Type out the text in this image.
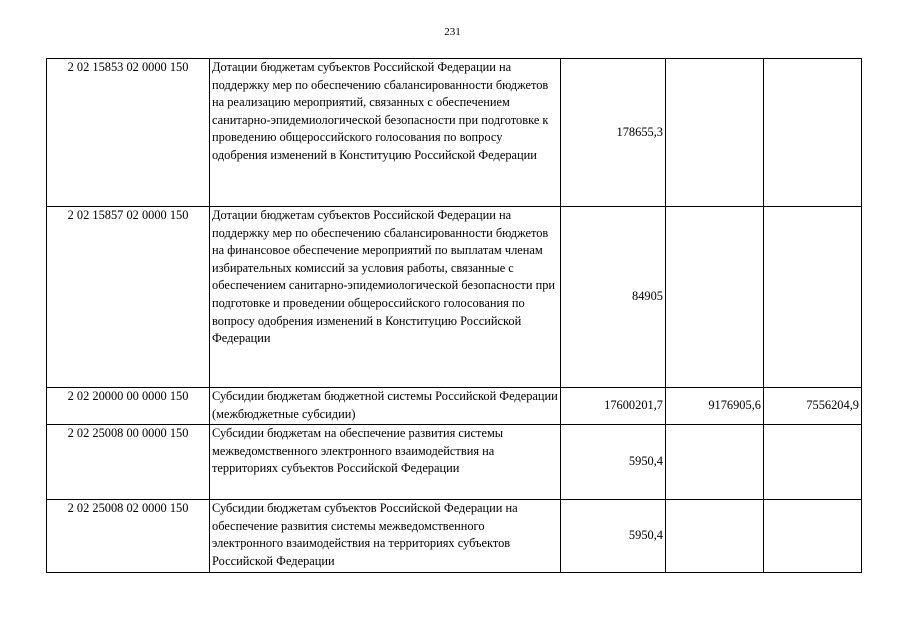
231
2 02 15853 02 0000 150	Дотации бюджетам субъектов Российской Федерации на поддержку мер по обеспечению сбалансированности бюджетов на реализацию мероприятий, связанных с обеспечением санитарно-эпидемиологической безопасности при подготовке к проведению общероссийского голосования по вопросу одобрения изменений в Конституцию Российской Федерации	178655,3		
2 02 15857 02 0000 150	Дотации бюджетам субъектов Российской Федерации на поддержку мер по обеспечению сбалансированности бюджетов на финансовое обеспечение мероприятий по выплатам членам избирательных комиссий за условия работы, связанные с обеспечением санитарно-эпидемиологической безопасности при подготовке и проведении общероссийского голосования по вопросу одобрения изменений в Конституцию Российской Федерации	84905		
2 02 20000 00 0000 150	Субсидии бюджетам бюджетной системы Российской Федерации (межбюджетные субсидии)	17600201,7	9176905,6	7556204,9
2 02 25008 00 0000 150	Субсидии бюджетам на обеспечение развития системы межведомственного электронного взаимодействия на территориях субъектов Российской Федерации	5950,4		
2 02 25008 02 0000 150	Субсидии бюджетам субъектов Российской Федерации на обеспечение развития системы межведомственного электронного взаимодействия на территориях субъектов Российской Федерации	5950,4		
